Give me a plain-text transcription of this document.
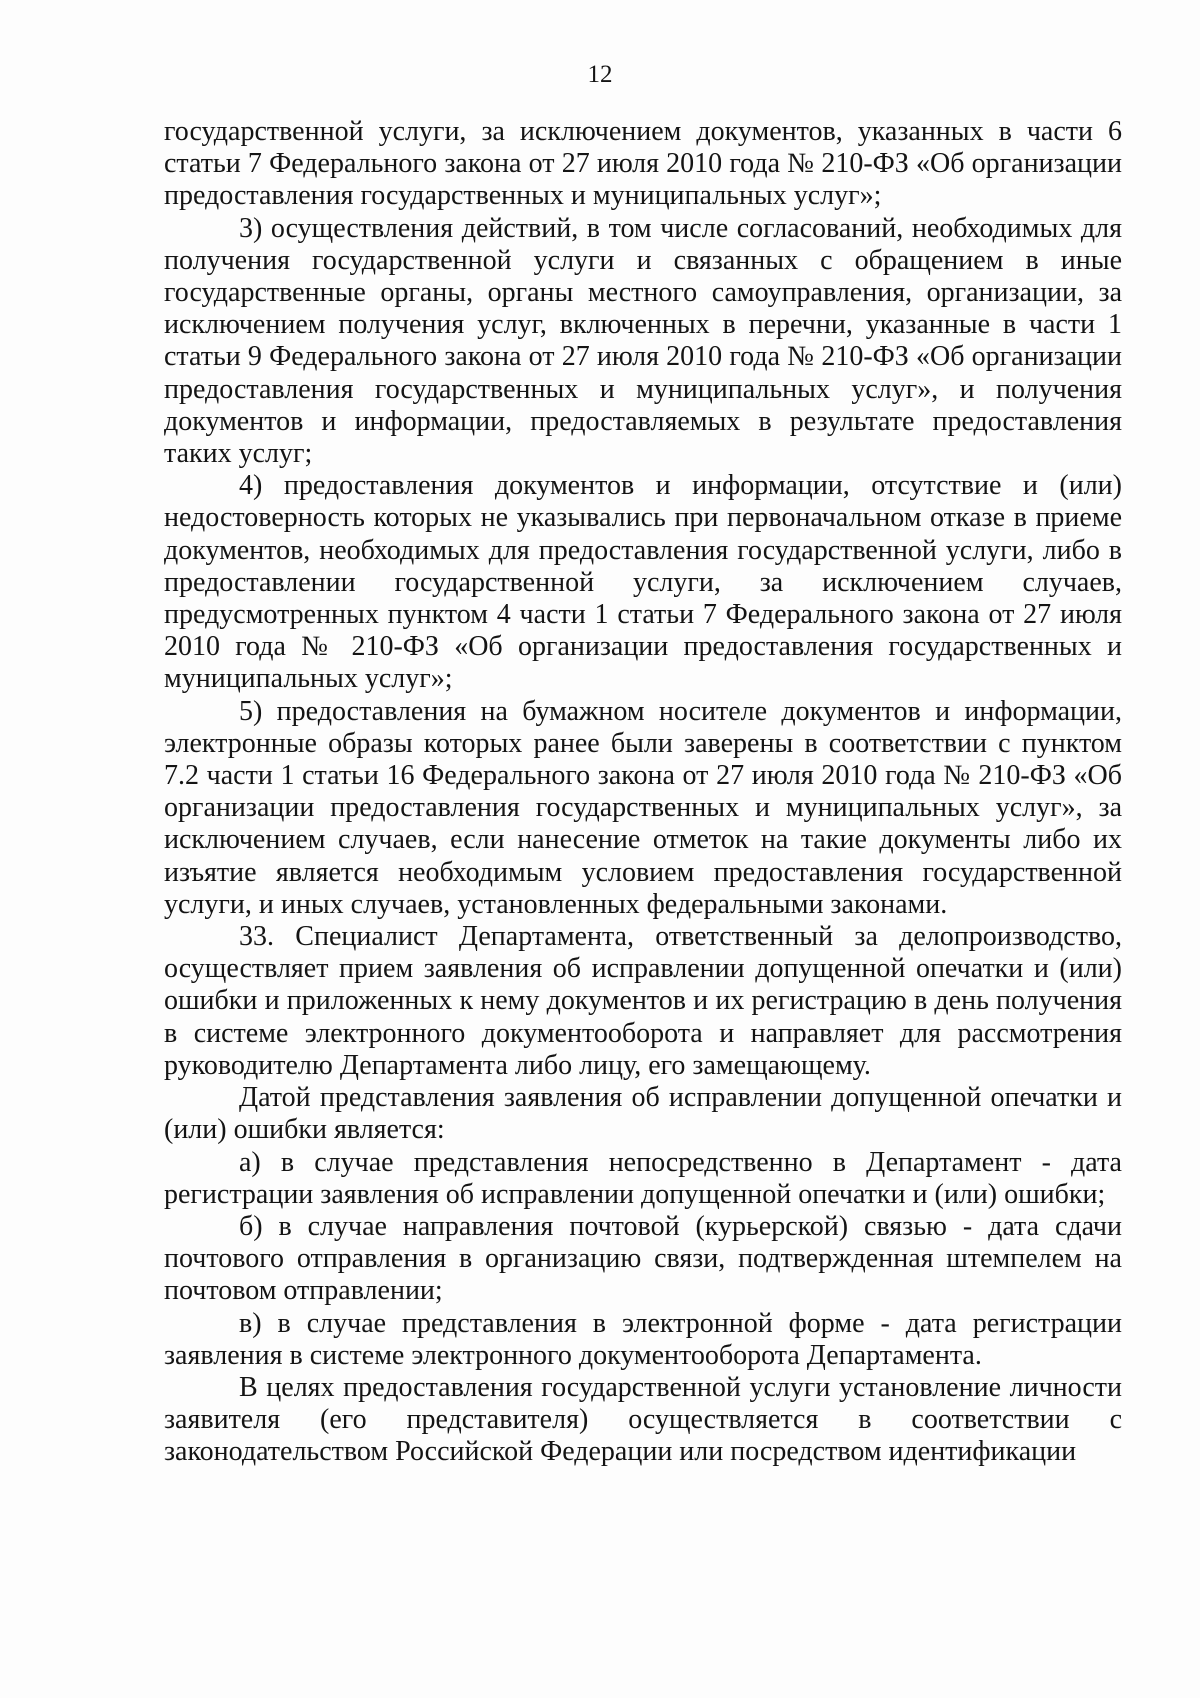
12

государственной услуги, за исключением документов, указанных в части 6 статьи 7 Федерального закона от 27 июля 2010 года № 210-ФЗ «Об организации предоставления государственных и муниципальных услуг»;

3) осуществления действий, в том числе согласований, необходимых для получения государственной услуги и связанных с обращением в иные государственные органы, органы местного самоуправления, организации, за исключением получения услуг, включенных в перечни, указанные в части 1 статьи 9 Федерального закона от 27 июля 2010 года № 210-ФЗ «Об организации предоставления государственных и муниципальных услуг», и получения документов и информации, предоставляемых в результате предоставления таких услуг;

4) предоставления документов и информации, отсутствие и (или) недостоверность которых не указывались при первоначальном отказе в приеме документов, необходимых для предоставления государственной услуги, либо в предоставлении государственной услуги, за исключением случаев, предусмотренных пунктом 4 части 1 статьи 7 Федерального закона от 27 июля 2010 года № 210-ФЗ «Об организации предоставления государственных и муниципальных услуг»;

5) предоставления на бумажном носителе документов и информации, электронные образы которых ранее были заверены в соответствии с пунктом 7.2 части 1 статьи 16 Федерального закона от 27 июля 2010 года № 210-ФЗ «Об организации предоставления государственных и муниципальных услуг», за исключением случаев, если нанесение отметок на такие документы либо их изъятие является необходимым условием предоставления государственной услуги, и иных случаев, установленных федеральными законами.

33. Специалист Департамента, ответственный за делопроизводство, осуществляет прием заявления об исправлении допущенной опечатки и (или) ошибки и приложенных к нему документов и их регистрацию в день получения в системе электронного документооборота и направляет для рассмотрения руководителю Департамента либо лицу, его замещающему.

Датой представления заявления об исправлении допущенной опечатки и (или) ошибки является:

а) в случае представления непосредственно в Департамент - дата регистрации заявления об исправлении допущенной опечатки и (или) ошибки;

б) в случае направления почтовой (курьерской) связью - дата сдачи почтового отправления в организацию связи, подтвержденная штемпелем на почтовом отправлении;

в) в случае представления в электронной форме - дата регистрации заявления в системе электронного документооборота Департамента.

В целях предоставления государственной услуги установление личности заявителя (его представителя) осуществляется в соответствии с законодательством Российской Федерации или посредством идентификации
